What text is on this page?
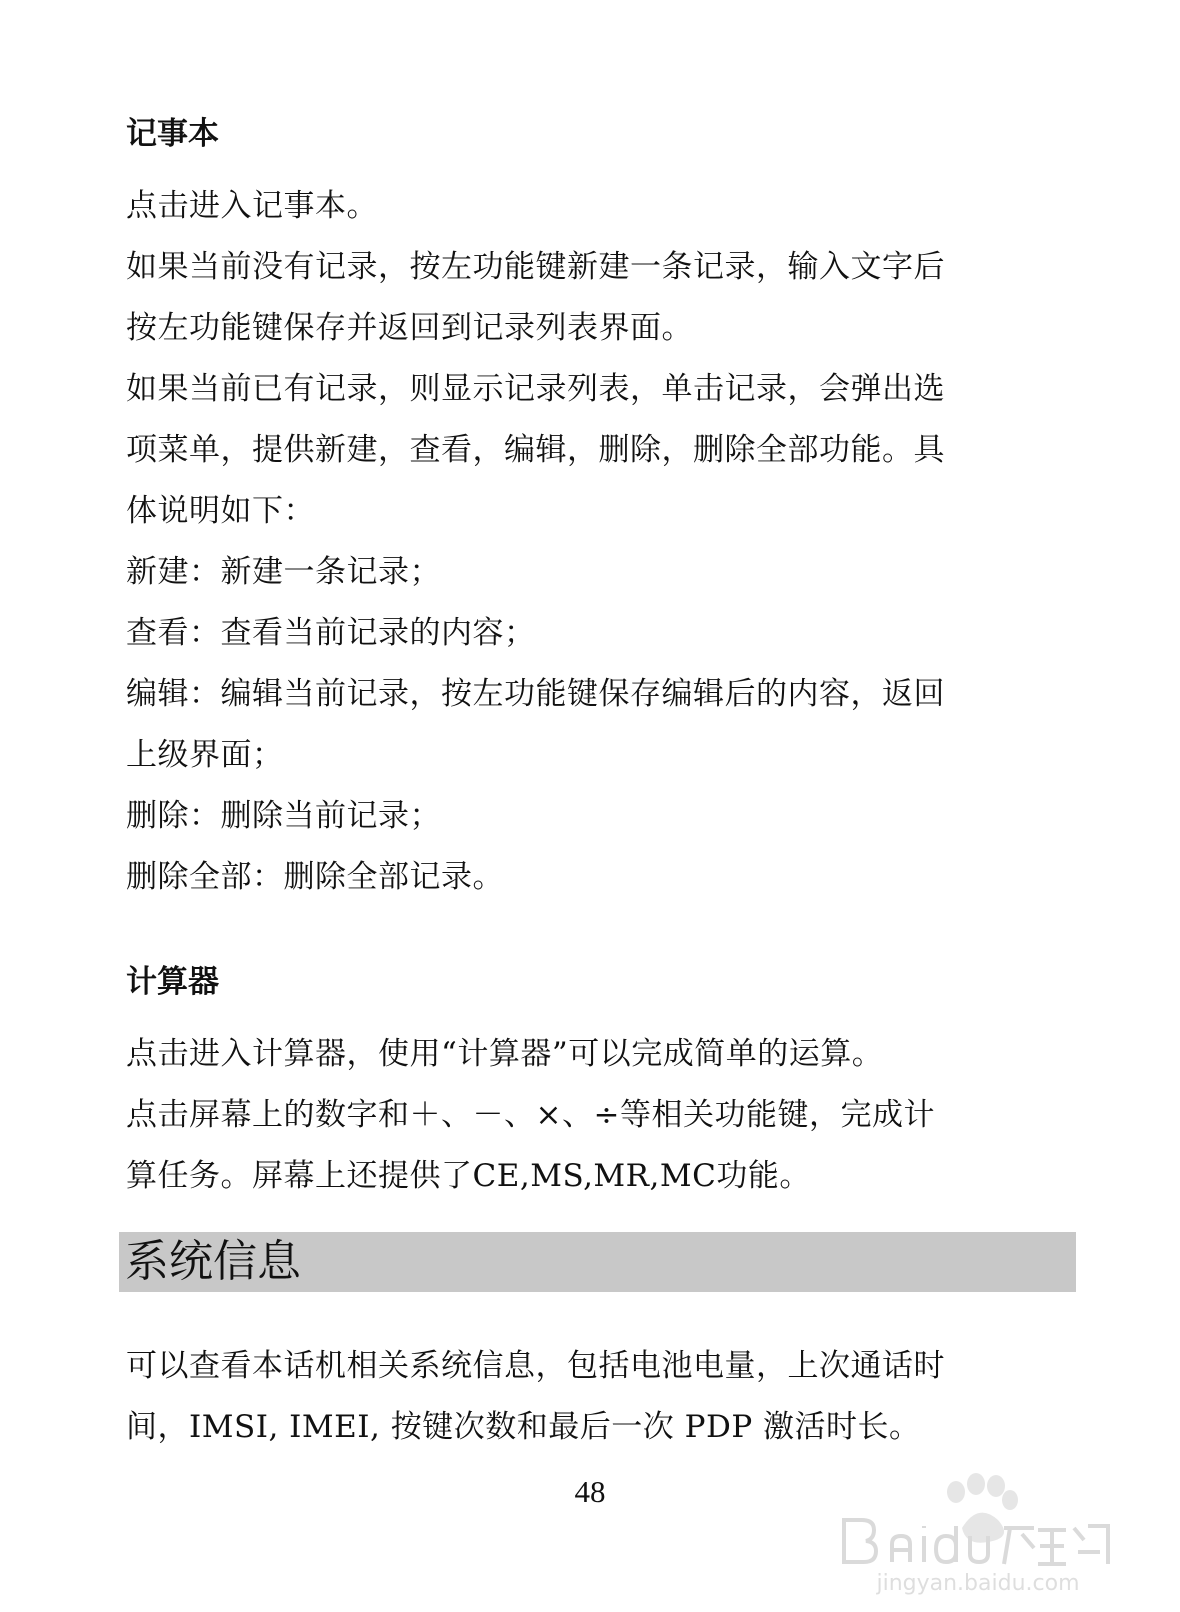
记事本
点击进入记事本。
如果当前没有记录，按左功能键新建一条记录，输入文字后
按左功能键保存并返回到记录列表界面。
如果当前已有记录，则显示记录列表，单击记录，会弹出选
项菜单，提供新建，查看，编辑，删除，删除全部功能。具
体说明如下：
新建：新建一条记录；
查看：查看当前记录的内容；
编辑：编辑当前记录，按左功能键保存编辑后的内容，返回
上级界面；
删除：删除当前记录；
删除全部：删除全部记录。
计算器
点击进入计算器，使用“计算器”可以完成简单的运算。
点击屏幕上的数字和＋、－、×、÷等相关功能键，完成计
算任务。屏幕上还提供了CE,MS,MR,MC功能。
系统信息
可以查看本话机相关系统信息，包括电池电量，上次通话时
间，IMSI, IMEI, 按键次数和最后一次 PDP 激活时长。
48
jingyan.baidu.com
